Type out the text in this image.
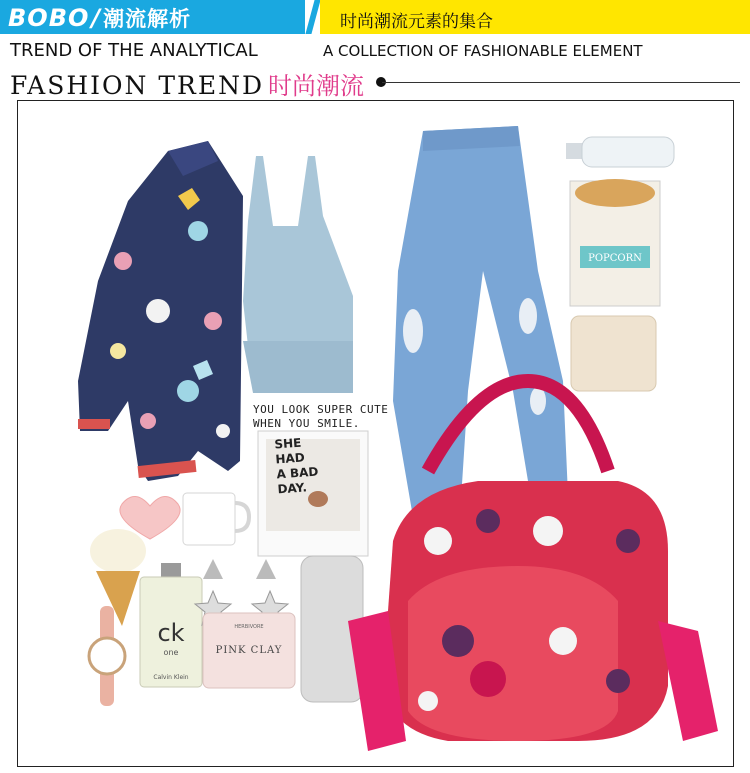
BOBO/潮流解析	时尚潮流元素的集合
TREND OF THE ANALYTICAL	A COLLECTION OF FASHIONABLE ELEMENT
FASHION TREND 时尚潮流
POPCORN
ck
one
Calvin Klein
HERBIVORE
PINK CLAY
YOU LOOK SUPER CUTE
WHEN YOU SMILE.
SHE
HAD
A BAD
DAY.
